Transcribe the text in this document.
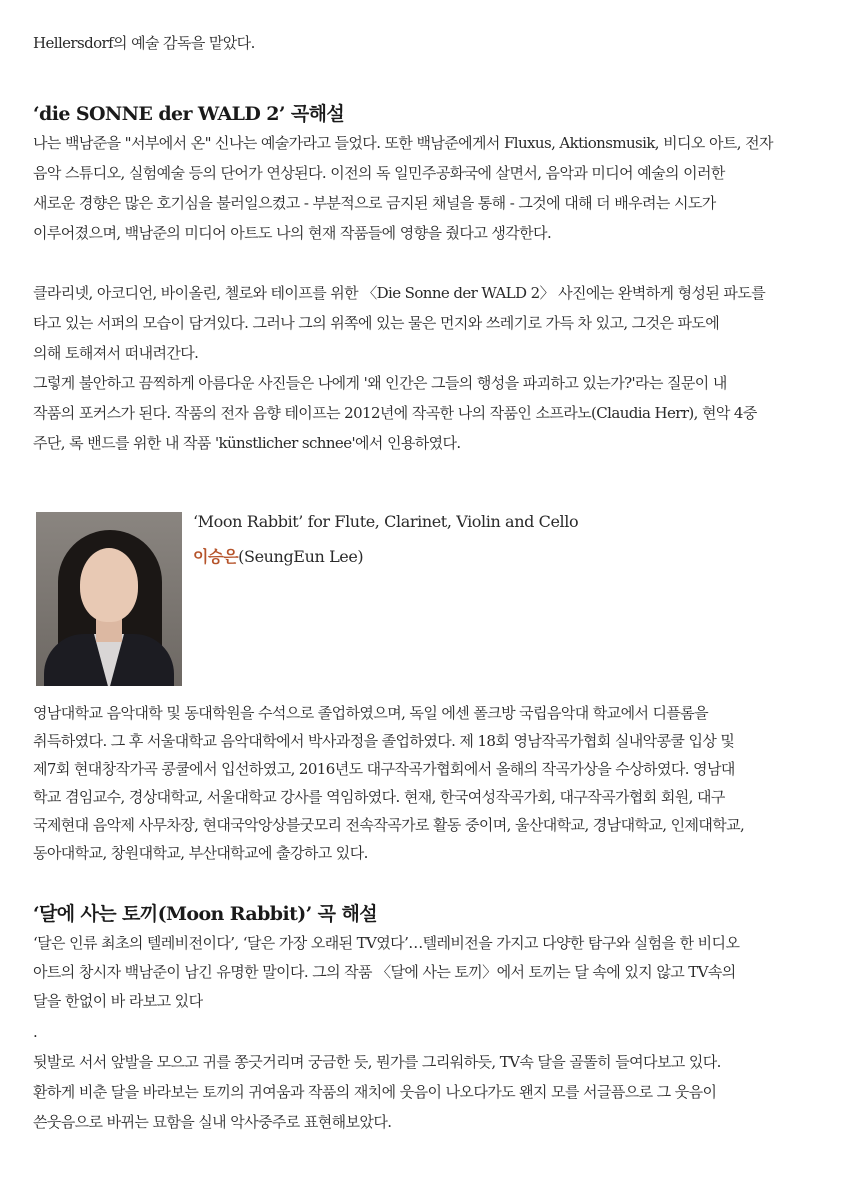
Hellersdorf의 예술 감독을 맡았다.
‘die SONNE der WALD 2’ 곡해설
나는 백남준을 "서부에서 온" 신나는 예술가라고 들었다. 또한 백남준에게서 Fluxus, Aktionsmusik, 비디오 아트, 전자
음악 스튜디오, 실험예술 등의 단어가 연상된다. 이전의 독 일민주공화국에 살면서, 음악과 미디어 예술의 이러한
새로운 경향은 많은 호기심을 불러일으켰고 - 부분적으로 금지된 채널을 통해 - 그것에 대해 더 배우려는 시도가
이루어졌으며, 백남준의 미디어 아트도 나의 현재 작품들에 영향을 줬다고 생각한다.
클라리넷, 아코디언, 바이올린, 첼로와 테이프를 위한 〈Die Sonne der WALD 2〉 사진에는 완벽하게 형성된 파도를
타고 있는 서퍼의 모습이 담겨있다. 그러나 그의 위쪽에 있는 물은 먼지와 쓰레기로 가득 차 있고, 그것은 파도에
의해 토해져서 떠내려간다.
그렇게 불안하고 끔찍하게 아름다운 사진들은 나에게 '왜 인간은 그들의 행성을 파괴하고 있는가?'라는 질문이 내
작품의 포커스가 된다. 작품의 전자 음향 테이프는 2012년에 작곡한 나의 작품인 소프라노(Claudia Herr), 현악 4중
주단, 록 밴드를 위한 내 작품 'künstlicher schnee'에서 인용하였다.
‘Moon Rabbit’ for Flute, Clarinet, Violin and Cello
이승은(SeungEun Lee)
영남대학교 음악대학 및 동대학원을 수석으로 졸업하였으며, 독일 에센 폴크방 국립음악대 학교에서 디플롬을
취득하였다. 그 후 서울대학교 음악대학에서 박사과정을 졸업하였다. 제 18회 영남작곡가협회 실내악콩쿨 입상 및
제7회 현대창작가곡 콩쿨에서 입선하였고, 2016년도 대구작곡가협회에서 올해의 작곡가상을 수상하였다. 영남대
학교 겸임교수, 경상대학교, 서울대학교 강사를 역임하였다. 현재, 한국여성작곡가회, 대구작곡가협회 회원, 대구
국제현대 음악제 사무차장, 현대국악앙상블굿모리 전속작곡가로 활동 중이며, 울산대학교, 경남대학교, 인제대학교,
동아대학교, 창원대학교, 부산대학교에 출강하고 있다.
‘달에 사는 토끼(Moon Rabbit)’ 곡 해설
‘달은 인류 최초의 텔레비전이다’, ‘달은 가장 오래된 TV였다’…텔레비전을 가지고 다양한 탐구와 실험을 한 비디오
아트의 창시자 백남준이 남긴 유명한 말이다. 그의 작품 〈달에 사는 토끼〉에서 토끼는 달 속에 있지 않고 TV속의
달을 한없이 바 라보고 있다
.
뒷발로 서서 앞발을 모으고 귀를 쫑긋거리며 궁금한 듯, 뭔가를 그리워하듯, TV속 달을 골똘히 들여다보고 있다.
환하게 비춘 달을 바라보는 토끼의 귀여움과 작품의 재치에 웃음이 나오다가도 왠지 모를 서글픔으로 그 웃음이
쓴웃음으로 바뀌는 묘함을 실내 악사중주로 표현해보았다.
